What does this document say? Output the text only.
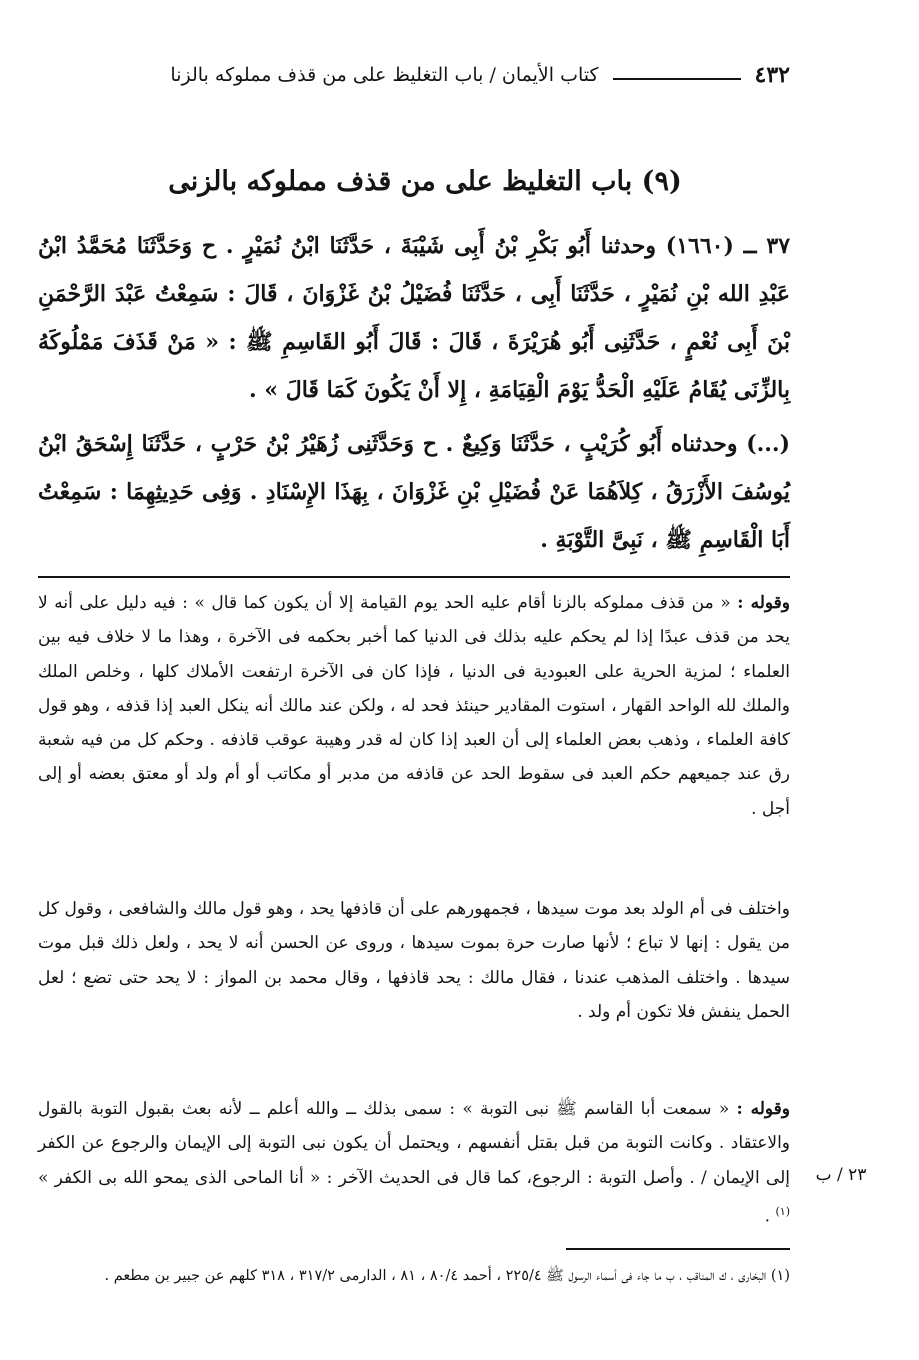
٤٣٢
كتاب الأيمان / باب التغليظ على من قذف مملوكه بالزنا
(٩) باب التغليظ على من قذف مملوكه بالزنى

٣٧ ــ (١٦٦٠) وحدثنا أَبُو بَكْرِ بْنُ أَبِى شَيْبَةَ ، حَدَّثَنَا ابْنُ نُمَيْرٍ . ح وَحَدَّثَنَا مُحَمَّدُ ابْنُ عَبْدِ الله بْنِ نُمَيْرٍ ، حَدَّثَنَا أَبِى ، حَدَّثَنَا فُضَيْلُ بْنُ غَزْوَانَ ، قَالَ : سَمِعْتُ عَبْدَ الرَّحْمَنِ بْنَ أَبِى نُعْمٍ ، حَدَّثَنِى أَبُو هُرَيْرَةَ ، قَالَ : قَالَ أَبُو القَاسِمِ ﷺ : « مَنْ قَذَفَ مَمْلُوكَهُ بِالزِّنَى يُقَامُ عَلَيْهِ الْحَدُّ يَوْمَ الْقِيَامَةِ ، إِلا أَنْ يَكُونَ كَمَا قَالَ » .

(...) وحدثناه أَبُو كُرَيْبٍ ، حَدَّثَنَا وَكِيعٌ . ح وَحَدَّثَنِى زُهَيْرُ بْنُ حَرْبٍ ، حَدَّثَنَا إِسْحَقُ ابْنُ يُوسُفَ الأَزْرَقُ ، كِلاَهُمَا عَنْ فُضَيْلِ بْنِ غَزْوَانَ ، بِهَذَا الإِسْنَادِ . وَفِى حَدِيثِهِمَا : سَمِعْتُ أَبَا الْقَاسِمِ ﷺ ، نَبِىَّ التَّوْبَةِ .

وقوله : « من قذف مملوكه بالزنا أقام عليه الحد يوم القيامة إلا أن يكون كما قال » : فيه دليل على أنه لا يحد من قذف عبدًا إذا لم يحكم عليه بذلك فى الدنيا كما أخبر بحكمه فى الآخرة ، وهذا ما لا خلاف فيه بين العلماء ؛ لمزية الحرية على العبودية فى الدنيا ، فإذا كان فى الآخرة ارتفعت الأملاك كلها ، وخلص الملك والملك لله الواحد القهار ، استوت المقادير حينئذ فحد له ، ولكن عند مالك أنه ينكل العبد إذا قذفه ، وهو قول كافة العلماء ، وذهب بعض العلماء إلى أن العبد إذا كان له قدر وهيبة عوقب قاذفه . وحكم كل من فيه شعبة رق عند جميعهم حكم العبد فى سقوط الحد عن قاذفه من مدبر أو مكاتب أو أم ولد أو معتق بعضه أو إلى أجل .

واختلف فى أم الولد بعد موت سيدها ، فجمهورهم على أن قاذفها يحد ، وهو قول مالك والشافعى ، وقول كل من يقول : إنها لا تباع ؛ لأنها صارت حرة بموت سيدها ، وروى عن الحسن أنه لا يحد ، ولعل ذلك قبل موت سيدها . واختلف المذهب عندنا ، فقال مالك : يحد قاذفها ، وقال محمد بن المواز : لا يحد حتى تضع ؛ لعل الحمل ينفش فلا تكون أم ولد .

وقوله : « سمعت أبا القاسم ﷺ نبى التوبة » : سمى بذلك ــ والله أعلم ــ لأنه بعث بقبول التوبة بالقول والاعتقاد . وكانت التوبة من قبل بقتل أنفسهم ، ويحتمل أن يكون نبى التوبة إلى الإيمان والرجوع عن الكفر إلى الإيمان / . وأصل التوبة : الرجوع، كما قال فى الحديث الآخر : « أنا الماحى الذى يمحو الله بى الكفر » $^{(١)}$ .

٢٣ / ب

(١) البخارى ، ك المناقب ، ب ما جاء فى أسماء الرسول ﷺ ٢٢٥/٤ ، أحمد ٨٠/٤ ، ٨١ ، الدارمى ٣١٧/٢ ، ٣١٨ كلهم عن جبير بن مطعم .
